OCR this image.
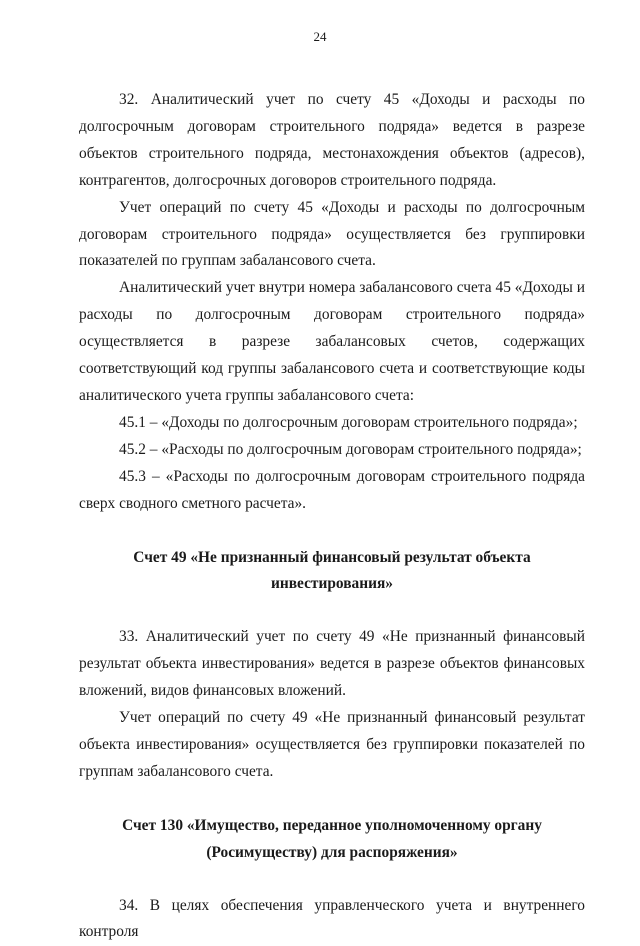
24

32. Аналитический учет по счету 45 «Доходы и расходы по долгосрочным договорам строительного подряда» ведется в разрезе объектов строительного подряда, местонахождения объектов (адресов), контрагентов, долгосрочных договоров строительного подряда.

Учет операций по счету 45 «Доходы и расходы по долгосрочным договорам строительного подряда» осуществляется без группировки показателей по группам забалансового счета.

Аналитический учет внутри номера забалансового счета 45 «Доходы и расходы по долгосрочным договорам строительного подряда» осуществляется в разрезе забалансовых счетов, содержащих соответствующий код группы забалансового счета и соответствующие коды аналитического учета группы забалансового счета:

45.1 – «Доходы по долгосрочным договорам строительного подряда»;

45.2 – «Расходы по долгосрочным договорам строительного подряда»;

45.3 – «Расходы по долгосрочным договорам строительного подряда сверх сводного сметного расчета».

Счет 49 «Не признанный финансовый результат объекта
инвестирования»

33. Аналитический учет по счету 49 «Не признанный финансовый результат объекта инвестирования» ведется в разрезе объектов финансовых вложений, видов финансовых вложений.

Учет операций по счету 49 «Не признанный финансовый результат объекта инвестирования» осуществляется без группировки показателей по группам забалансового счета.

Счет 130 «Имущество, переданное уполномоченному органу
(Росимуществу) для распоряжения»

34. В целях обеспечения управленческого учета и внутреннего контроля
